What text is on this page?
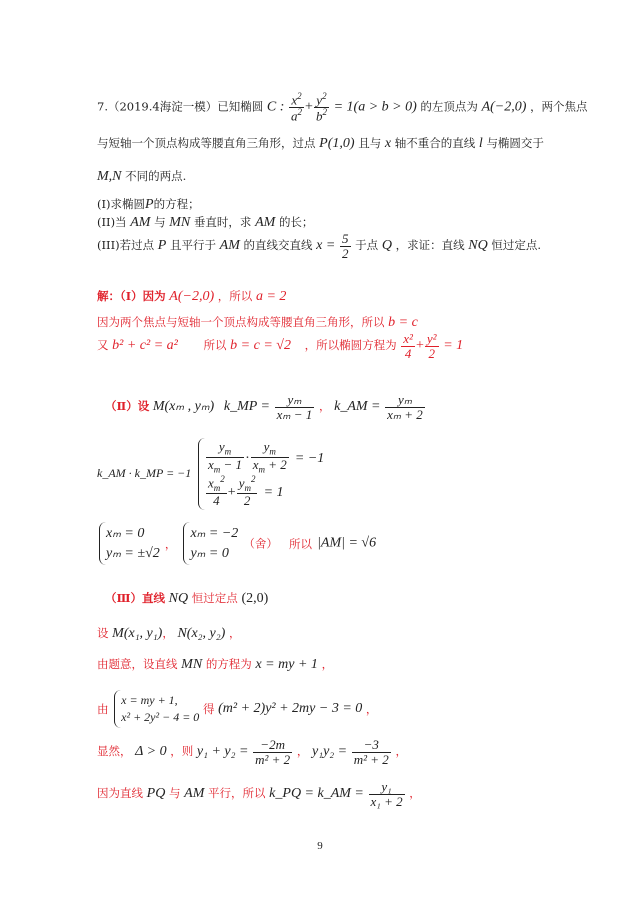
7.（2019.4海淀一模）已知椭圆 C : $\frac{x^2}{a^2} + \frac{y^2}{b^2} = 1(a > b > 0)$ 的左顶点为 A(−2,0) ，两个焦点
与短轴一个顶点构成等腰直角三角形，过点 P(1,0) 且与 x 轴不重合的直线 l 与椭圆交于
M,N 不同的两点.
(I)求椭圆P的方程；
(II)当 AM 与 MN 垂直时，求 AM 的长；
(III)若过点 P 且平行于 AM 的直线交直线 $x = \frac{5}{2}$ 于点 Q ，求证：直线 NQ 恒过定点.
解：（Ⅰ）因为 A(−2,0) ，所以 a = 2
因为两个焦点与短轴一个顶点构成等腰直角三角形，所以 b = c
又 b² + c² = a² 所以 b = c = √2 ，所以椭圆方程为 $\frac{\text{x²}}{4} + \frac{\text{y²}}{2} = 1$
（Ⅱ）设 M(xₘ , yₘ) k_MP = $\frac{\text{yₘ}}{\text{xₘ − 1}}$ ， k_AM = $\frac{\text{yₘ}}{\text{xₘ + 2}}$
k_AM · k_MP = $-1 \frac{y_m}{x_m - 1} \cdot \frac{y_m}{x_m + 2} = -1$
$\frac{x_m^2}{4} + \frac{y_m^2}{2} = 1$
xₘ = 0
yₘ = ±√2
，
xₘ = −2
yₘ = 0
（舍） 所以 |AM| = √6
（Ⅲ）直线 NQ 恒过定点 (2,0)
设 M(x₁, y₁)， N(x₂, y₂) ，
由题意，设直线 MN 的方程为 x = my + 1 ，
由
x = my + 1,
x² + 2y² − 4 = 0
得 (m² + 2)y² + 2my − 3 = 0 ，
显然， Δ > 0 ，则 $y_1 + y_2 = \frac{-2m}{\text{m² + 2}}$ ， $y_1y_2 = \frac{-3}{\text{m² + 2}}$ ，
因为直线 PQ 与 AM 平行，所以 k_PQ = k_AM = $\frac{\text{y₁}}{\text{x₁ + 2}}$ ，
9
